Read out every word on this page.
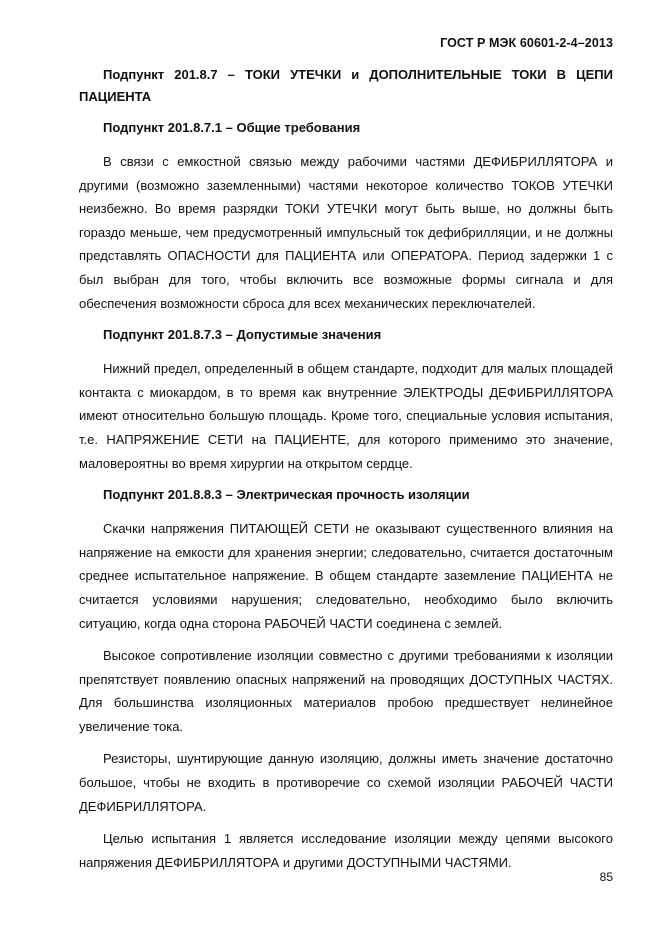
ГОСТ Р МЭК 60601-2-4–2013
Подпункт 201.8.7 – ТОКИ УТЕЧКИ и ДОПОЛНИТЕЛЬНЫЕ ТОКИ В ЦЕПИ ПАЦИЕНТА
Подпункт 201.8.7.1 – Общие требования
В связи с емкостной связью между рабочими частями ДЕФИБРИЛЛЯТОРА и другими (возможно заземленными) частями некоторое количество ТОКОВ УТЕЧКИ неизбежно. Во время разрядки ТОКИ УТЕЧКИ могут быть выше, но должны быть гораздо меньше, чем предусмотренный импульсный ток дефибрилляции, и не должны представлять ОПАСНОСТИ для ПАЦИЕНТА или ОПЕРАТОРА. Период задержки 1 с был выбран для того, чтобы включить все возможные формы сигнала и для обеспечения возможности сброса для всех механических переключателей.
Подпункт 201.8.7.3 – Допустимые значения
Нижний предел, определенный в общем стандарте, подходит для малых площадей контакта с миокардом, в то время как внутренние ЭЛЕКТРОДЫ ДЕФИБРИЛЛЯТОРА имеют относительно большую площадь. Кроме того, специальные условия испытания, т.е. НАПРЯЖЕНИЕ СЕТИ на ПАЦИЕНТЕ, для которого применимо это значение, маловероятны во время хирургии на открытом сердце.
Подпункт 201.8.8.3 – Электрическая прочность изоляции
Скачки напряжения ПИТАЮЩЕЙ СЕТИ не оказывают существенного влияния на напряжение на емкости для хранения энергии; следовательно, считается достаточным среднее испытательное напряжение. В общем стандарте заземление ПАЦИЕНТА не считается условиями нарушения; следовательно, необходимо было включить ситуацию, когда одна сторона РАБОЧЕЙ ЧАСТИ соединена с землей.
Высокое сопротивление изоляции совместно с другими требованиями к изоляции препятствует появлению опасных напряжений на проводящих ДОСТУПНЫХ ЧАСТЯХ. Для большинства изоляционных материалов пробою предшествует нелинейное увеличение тока.
Резисторы, шунтирующие данную изоляцию, должны иметь значение достаточно большое, чтобы не входить в противоречие со схемой изоляции РАБОЧЕЙ ЧАСТИ ДЕФИБРИЛЛЯТОРА.
Целью испытания 1 является исследование изоляции между цепями высокого напряжения ДЕФИБРИЛЛЯТОРА и другими ДОСТУПНЫМИ ЧАСТЯМИ.
85
